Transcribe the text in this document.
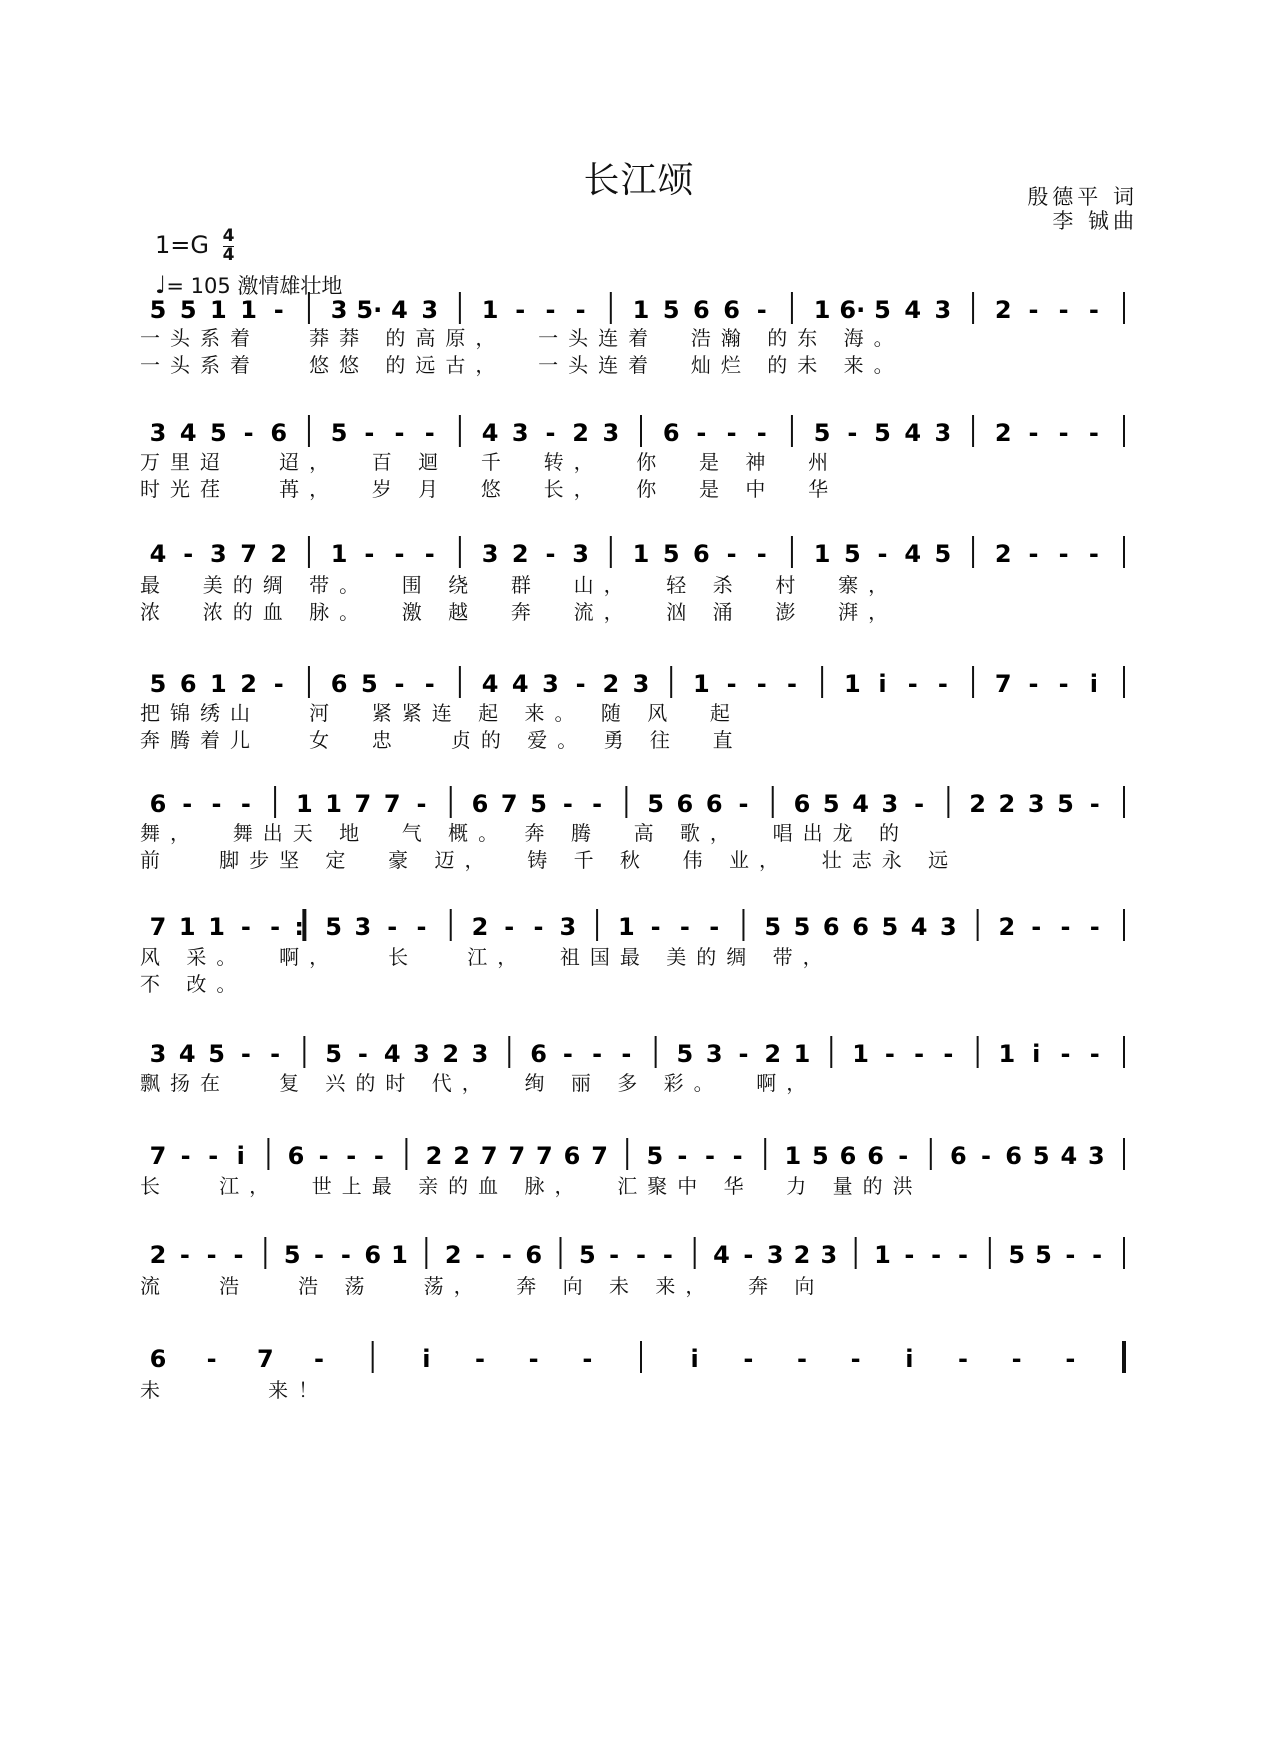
长江颂	殷德平 词
李 铖曲
$1=G \frac{4}{4}$
♩= 105 激情雄壮地
5 5 1 1 - 3 5· 4 3 1 - - - 1 5 6 6 - 1 6· 5 4 3 2 - - -
一头系着   莽莽 的高原，  一头连着  浩瀚 的东 海。
一头系着   悠悠 的远古，  一头连着  灿烂 的未 来。
3 4 5 - 6 5 - - - 4 3 - 2 3 6 - - - 5 - 5 4 3 2 - - -
万里迢   迢，  百 迴  千  转，  你  是 神  州
时光荏   苒，  岁 月  悠  长，  你  是 中  华
4 - 3 7 2 1 - - - 3 2 - 3 1 5 6 - - 1 5 - 4 5 2 - - -
最  美的绸 带。  围 绕  群  山，  轻 杀  村  寨，
浓  浓的血 脉。  激 越  奔  流，  汹 涌  澎  湃，
5 6 1 2 - 6 5 - - 4 4 3 - 2 3 1 - - - 1 i - - 7 - - i
把锦绣山   河  紧紧连 起 来。 随 风  起
奔腾着儿   女  忠   贞的 爱。 勇 往  直
6 - - - 1 1 7 7 - 6 7 5 - - 5 6 6 - 6 5 4 3 - 2 2 3 5 -
舞，  舞出天 地  气 概。 奔 腾  高 歌，  唱出龙 的
前   脚步坚 定  豪 迈，  铸 千 秋  伟 业，  壮志永 远
7 1 1 - - : 5 3 - - 2 - - 3 1 - - - 5 5 6 6 5 4 3 2 - - -
风 采。  啊，   长   江，  祖国最 美的绸 带，
不 改。
3 4 5 - - 5 - 4 3 2 3 6 - - - 5 3 - 2 1 1 - - - 1 i - -
飘扬在   复 兴的时 代，  绚 丽 多 彩。  啊，
7 - - i 6 - - - 2 2 7 7 7 6 7 5 - - - 1 5 6 6 - 6 - 6 5 4 3
长   江，  世上最 亲的血 脉，  汇聚中 华  力 量的洪
2 - - - 5 - - 6 1 2 - - 6 5 - - - 4 - 3 2 3 1 - - - 5 5 - -
流   浩   浩 荡   荡，  奔 向 未 来，  奔 向
6 - 7 -	i - - -	i - - - i - - -
未      来！
